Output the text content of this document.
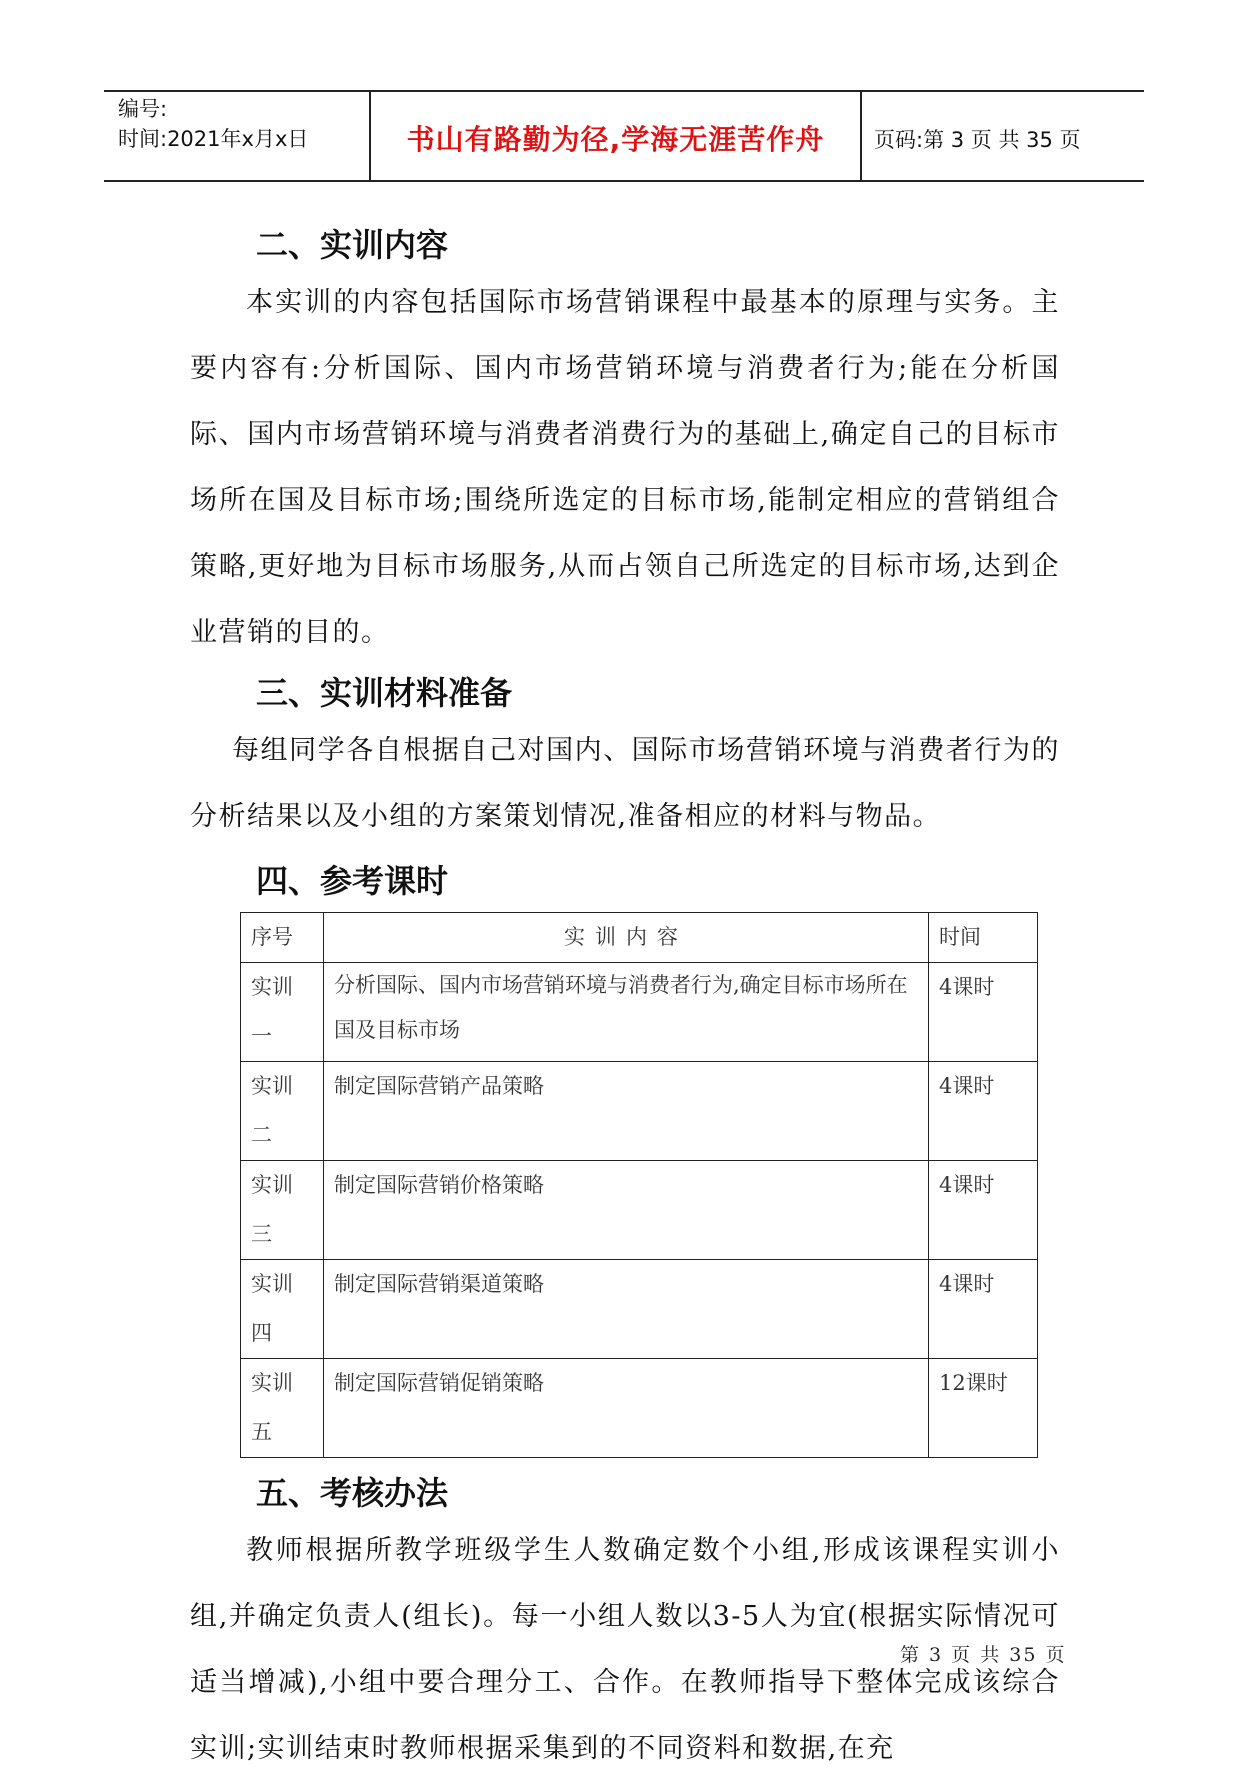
编号:
时间:2021年x月x日	书山有路勤为径,学海无涯苦作舟	页码:第 3 页 共 35 页
二、实训内容

本实训的内容包括国际市场营销课程中最基本的原理与实务。主要内容有:分析国际、国内市场营销环境与消费者行为;能在分析国际、国内市场营销环境与消费者消费行为的基础上,确定自己的目标市场所在国及目标市场;围绕所选定的目标市场,能制定相应的营销组合策略,更好地为目标市场服务,从而占领自己所选定的目标市场,达到企业营销的目的。

三、实训材料准备

每组同学各自根据自己对国内、国际市场营销环境与消费者行为的分析结果以及小组的方案策划情况,准备相应的材料与物品。

四、参考课时
序号	实训内容	时间
实训一	分析国际、国内市场营销环境与消费者行为,确定目标市场所在国及目标市场	4课时
实训二	制定国际营销产品策略	4课时
实训三	制定国际营销价格策略	4课时
实训四	制定国际营销渠道策略	4课时
实训五	制定国际营销促销策略	12课时
五、考核办法

教师根据所教学班级学生人数确定数个小组,形成该课程实训小组,并确定负责人(组长)。每一小组人数以3-5人为宜(根据实际情况可适当增减),小组中要合理分工、合作。在教师指导下整体完成该综合实训;实训结束时教师根据采集到的不同资料和数据,在充

第 3 页 共 35 页
